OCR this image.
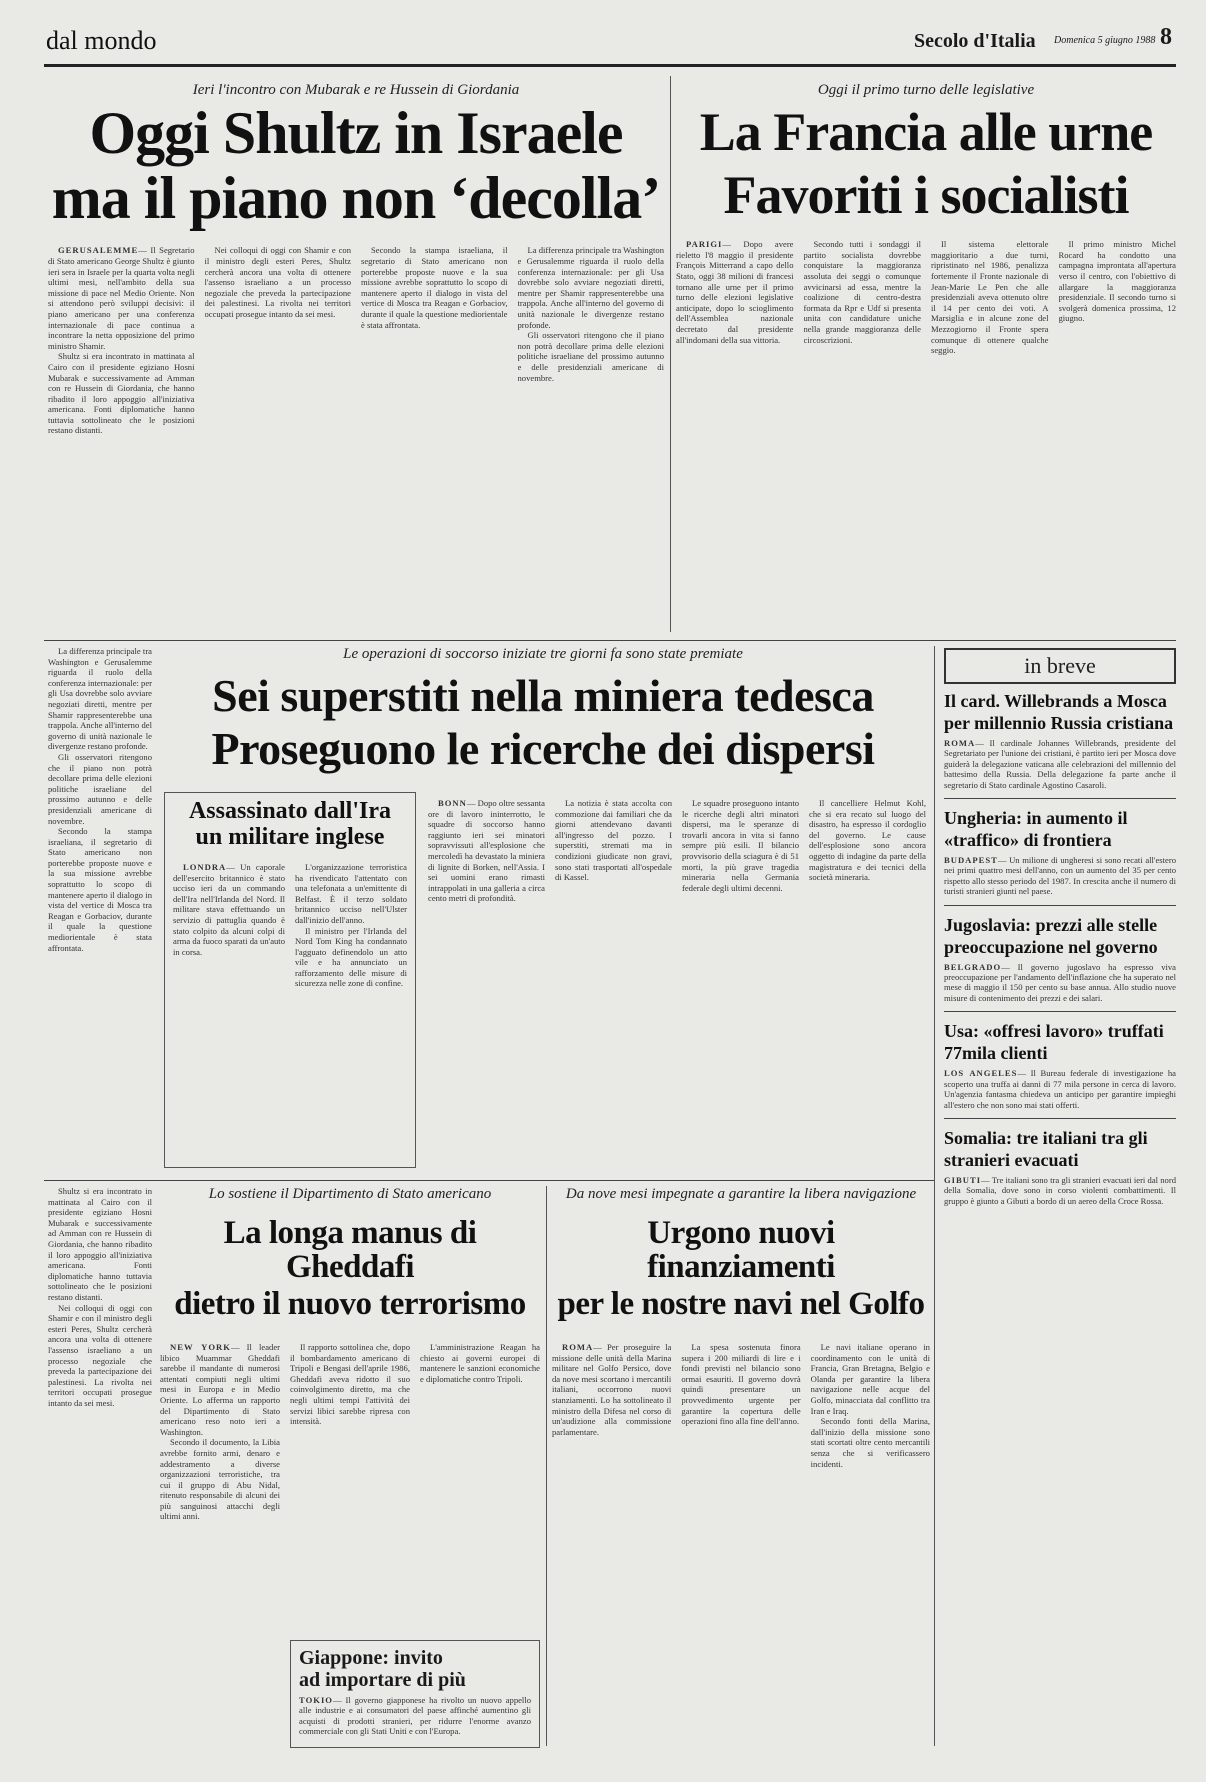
dal mondo	Secolo d'Italia Domenica 5 giugno 1988 8
Ieri l'incontro con Mubarak e re Hussein di Giordania
Oggi Shultz in Israele
ma il piano non ‘decolla’

GERUSALEMME— Il Segretario di Stato americano George Shultz è giunto ieri sera in Israele per la quarta volta negli ultimi mesi, nell'ambito della sua missione di pace nel Medio Oriente. Non si attendono però sviluppi decisivi: il piano americano per una conferenza internazionale di pace continua a incontrare la netta opposizione del primo ministro Shamir.

Shultz si era incontrato in mattinata al Cairo con il presidente egiziano Hosni Mubarak e successivamente ad Amman con re Hussein di Giordania, che hanno ribadito il loro appoggio all'iniziativa americana. Fonti diplomatiche hanno tuttavia sottolineato che le posizioni restano distanti.

Nei colloqui di oggi con Shamir e con il ministro degli esteri Peres, Shultz cercherà ancora una volta di ottenere l'assenso israeliano a un processo negoziale che preveda la partecipazione dei palestinesi. La rivolta nei territori occupati prosegue intanto da sei mesi.

Secondo la stampa israeliana, il segretario di Stato americano non porterebbe proposte nuove e la sua missione avrebbe soprattutto lo scopo di mantenere aperto il dialogo in vista del vertice di Mosca tra Reagan e Gorbaciov, durante il quale la questione mediorientale è stata affrontata.

La differenza principale tra Washington e Gerusalemme riguarda il ruolo della conferenza internazionale: per gli Usa dovrebbe solo avviare negoziati diretti, mentre per Shamir rappresenterebbe una trappola. Anche all'interno del governo di unità nazionale le divergenze restano profonde.

Gli osservatori ritengono che il piano non potrà decollare prima delle elezioni politiche israeliane del prossimo autunno e delle presidenziali americane di novembre.

Oggi il primo turno delle legislative
La Francia alle urne
Favoriti i socialisti

PARIGI— Dopo avere rieletto l'8 maggio il presidente François Mitterrand a capo dello Stato, oggi 38 milioni di francesi tornano alle urne per il primo turno delle elezioni legislative anticipate, dopo lo scioglimento dell'Assemblea nazionale decretato dal presidente all'indomani della sua vittoria.

Secondo tutti i sondaggi il partito socialista dovrebbe conquistare la maggioranza assoluta dei seggi o comunque avvicinarsi ad essa, mentre la coalizione di centro-destra formata da Rpr e Udf si presenta unita con candidature uniche nella grande maggioranza delle circoscrizioni.

Il sistema elettorale maggioritario a due turni, ripristinato nel 1986, penalizza fortemente il Fronte nazionale di Jean-Marie Le Pen che alle presidenziali aveva ottenuto oltre il 14 per cento dei voti. A Marsiglia e in alcune zone del Mezzogiorno il Fronte spera comunque di ottenere qualche seggio.

Il primo ministro Michel Rocard ha condotto una campagna improntata all'apertura verso il centro, con l'obiettivo di allargare la maggioranza presidenziale. Il secondo turno si svolgerà domenica prossima, 12 giugno.

Le operazioni di soccorso iniziate tre giorni fa sono state premiate
Sei superstiti nella miniera tedesca
Proseguono le ricerche dei dispersi
Assassinato dall'Ira
un militare inglese

LONDRA— Un caporale dell'esercito britannico è stato ucciso ieri da un commando dell'Ira nell'Irlanda del Nord. Il militare stava effettuando un servizio di pattuglia quando è stato colpito da alcuni colpi di arma da fuoco sparati da un'auto in corsa.

L'organizzazione terroristica ha rivendicato l'attentato con una telefonata a un'emittente di Belfast. È il terzo soldato britannico ucciso nell'Ulster dall'inizio dell'anno.

Il ministro per l'Irlanda del Nord Tom King ha condannato l'agguato definendolo un atto vile e ha annunciato un rafforzamento delle misure di sicurezza nelle zone di confine.

BONN— Dopo oltre sessanta ore di lavoro ininterrotto, le squadre di soccorso hanno raggiunto ieri sei minatori sopravvissuti all'esplosione che mercoledì ha devastato la miniera di lignite di Borken, nell'Assia. I sei uomini erano rimasti intrappolati in una galleria a circa cento metri di profondità.

La notizia è stata accolta con commozione dai familiari che da giorni attendevano davanti all'ingresso del pozzo. I superstiti, stremati ma in condizioni giudicate non gravi, sono stati trasportati all'ospedale di Kassel.

Le squadre proseguono intanto le ricerche degli altri minatori dispersi, ma le speranze di trovarli ancora in vita si fanno sempre più esili. Il bilancio provvisorio della sciagura è di 51 morti, la più grave tragedia mineraria nella Germania federale degli ultimi decenni.

Il cancelliere Helmut Kohl, che si era recato sul luogo del disastro, ha espresso il cordoglio del governo. Le cause dell'esplosione sono ancora oggetto di indagine da parte della magistratura e dei tecnici della società mineraria.

La differenza principale tra Washington e Gerusalemme riguarda il ruolo della conferenza internazionale: per gli Usa dovrebbe solo avviare negoziati diretti, mentre per Shamir rappresenterebbe una trappola. Anche all'interno del governo di unità nazionale le divergenze restano profonde.

Gli osservatori ritengono che il piano non potrà decollare prima delle elezioni politiche israeliane del prossimo autunno e delle presidenziali americane di novembre.

Secondo la stampa israeliana, il segretario di Stato americano non porterebbe proposte nuove e la sua missione avrebbe soprattutto lo scopo di mantenere aperto il dialogo in vista del vertice di Mosca tra Reagan e Gorbaciov, durante il quale la questione mediorientale è stata affrontata.

in breve
Il card. Willebrands a Mosca per millennio Russia cristiana
ROMA— Il cardinale Johannes Willebrands, presidente del Segretariato per l'unione dei cristiani, è partito ieri per Mosca dove guiderà la delegazione vaticana alle celebrazioni del millennio del battesimo della Russia. Della delegazione fa parte anche il segretario di Stato cardinale Agostino Casaroli.
Ungheria: in aumento il «traffico» di frontiera
BUDAPEST— Un milione di ungheresi si sono recati all'estero nei primi quattro mesi dell'anno, con un aumento del 35 per cento rispetto allo stesso periodo del 1987. In crescita anche il numero di turisti stranieri giunti nel paese.
Jugoslavia: prezzi alle stelle preoccupazione nel governo
BELGRADO— Il governo jugoslavo ha espresso viva preoccupazione per l'andamento dell'inflazione che ha superato nel mese di maggio il 150 per cento su base annua. Allo studio nuove misure di contenimento dei prezzi e dei salari.
Usa: «offresi lavoro» truffati 77mila clienti
LOS ANGELES— Il Bureau federale di investigazione ha scoperto una truffa ai danni di 77 mila persone in cerca di lavoro. Un'agenzia fantasma chiedeva un anticipo per garantire impieghi all'estero che non sono mai stati offerti.
Somalia: tre italiani tra gli stranieri evacuati
GIBUTI— Tre italiani sono tra gli stranieri evacuati ieri dal nord della Somalia, dove sono in corso violenti combattimenti. Il gruppo è giunto a Gibuti a bordo di un aereo della Croce Rossa.
Lo sostiene il Dipartimento di Stato americano
La longa manus di Gheddafi
dietro il nuovo terrorismo

NEW YORK— Il leader libico Muammar Gheddafi sarebbe il mandante di numerosi attentati compiuti negli ultimi mesi in Europa e in Medio Oriente. Lo afferma un rapporto del Dipartimento di Stato americano reso noto ieri a Washington.

Secondo il documento, la Libia avrebbe fornito armi, denaro e addestramento a diverse organizzazioni terroristiche, tra cui il gruppo di Abu Nidal, ritenuto responsabile di alcuni dei più sanguinosi attacchi degli ultimi anni.

Il rapporto sottolinea che, dopo il bombardamento americano di Tripoli e Bengasi dell'aprile 1986, Gheddafi aveva ridotto il suo coinvolgimento diretto, ma che negli ultimi tempi l'attività dei servizi libici sarebbe ripresa con intensità.

L'amministrazione Reagan ha chiesto ai governi europei di mantenere le sanzioni economiche e diplomatiche contro Tripoli.

Giappone: invito
ad importare di più
TOKIO— Il governo giapponese ha rivolto un nuovo appello alle industrie e ai consumatori del paese affinché aumentino gli acquisti di prodotti stranieri, per ridurre l'enorme avanzo commerciale con gli Stati Uniti e con l'Europa.
Da nove mesi impegnate a garantire la libera navigazione
Urgono nuovi finanziamenti
per le nostre navi nel Golfo

ROMA— Per proseguire la missione delle unità della Marina militare nel Golfo Persico, dove da nove mesi scortano i mercantili italiani, occorrono nuovi stanziamenti. Lo ha sottolineato il ministro della Difesa nel corso di un'audizione alla commissione parlamentare.

La spesa sostenuta finora supera i 200 miliardi di lire e i fondi previsti nel bilancio sono ormai esauriti. Il governo dovrà quindi presentare un provvedimento urgente per garantire la copertura delle operazioni fino alla fine dell'anno.

Le navi italiane operano in coordinamento con le unità di Francia, Gran Bretagna, Belgio e Olanda per garantire la libera navigazione nelle acque del Golfo, minacciata dal conflitto tra Iran e Iraq.

Secondo fonti della Marina, dall'inizio della missione sono stati scortati oltre cento mercantili senza che si verificassero incidenti.

Shultz si era incontrato in mattinata al Cairo con il presidente egiziano Hosni Mubarak e successivamente ad Amman con re Hussein di Giordania, che hanno ribadito il loro appoggio all'iniziativa americana. Fonti diplomatiche hanno tuttavia sottolineato che le posizioni restano distanti.

Nei colloqui di oggi con Shamir e con il ministro degli esteri Peres, Shultz cercherà ancora una volta di ottenere l'assenso israeliano a un processo negoziale che preveda la partecipazione dei palestinesi. La rivolta nei territori occupati prosegue intanto da sei mesi.
